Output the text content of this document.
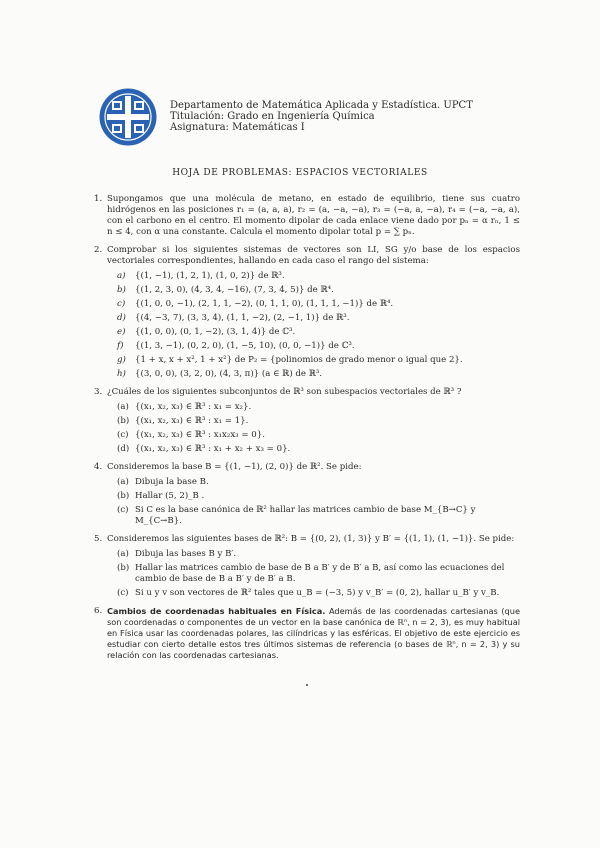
Departamento de Matemática Aplicada y Estadística. UPCT
Titulación: Grado en Ingeniería Química
Asignatura: Matemáticas I
HOJA DE PROBLEMAS: ESPACIOS VECTORIALES
1. Supongamos que una molécula de metano, en estado de equilibrio, tiene sus cuatro hidrógenos en las posiciones r₁ = (a, a, a), r₂ = (a, −a, −a), r₃ = (−a, a, −a), r₄ = (−a, −a, a), con el carbono en el centro. El momento dipolar de cada enlace viene dado por pₙ = α rₙ, 1 ≤ n ≤ 4, con α una constante. Calcula el momento dipolar total p = ∑ pₙ.
2. Comprobar si los siguientes sistemas de vectores son LI, SG y/o base de los espacios vectoriales correspondientes, hallando en cada caso el rango del sistema:
a) {(1, −1), (1, 2, 1), (1, 0, 2)} de ℝ³.
b) {(1, 2, 3, 0), (4, 3, 4, −16), (7, 3, 4, 5)} de ℝ⁴.
c) {(1, 0, 0, −1), (2, 1, 1, −2), (0, 1, 1, 0), (1, 1, 1, −1)} de ℝ⁴.
d) {(4, −3, 7), (3, 3, 4), (1, 1, −2), (2, −1, 1)} de ℝ³.
e) {(1, 0, 0), (0, 1, −2), (3, 1, 4)} de ℂ³.
f) {(1, 3, −1), (0, 2, 0), (1, −5, 10), (0, 0, −1)} de ℂ³.
g) {1 + x, x + x², 1 + x²} de P₂ = {polinomios de grado menor o igual que 2}.
h) {(3, 0, 0), (3, 2, 0), (4, 3, π)} (a ∈ ℝ) de ℝ³.
3. ¿Cuáles de los siguientes subconjuntos de ℝ³ son subespacios vectoriales de ℝ³ ?
(a) {(x₁, x₂, x₃) ∈ ℝ³ : x₁ = x₂}.
(b) {(x₁, x₂, x₃) ∈ ℝ³ : x₁ = 1}.
(c) {(x₁, x₂, x₃) ∈ ℝ³ : x₁x₂x₃ = 0}.
(d) {(x₁, x₂, x₃) ∈ ℝ³ : x₁ + x₂ + x₃ = 0}.
4. Consideremos la base B = {(1, −1), (2, 0)} de ℝ². Se pide:
(a) Dibuja la base B.
(b) Hallar (5, 2)_B .
(c) Si C es la base canónica de ℝ² hallar las matrices cambio de base M_{B→C} y M_{C→B}.
5. Consideremos las siguientes bases de ℝ²: B = {(0, 2), (1, 3)} y B′ = {(1, 1), (1, −1)}. Se pide:
(a) Dibuja las bases B y B′.
(b) Hallar las matrices cambio de base de B a B′ y de B′ a B, así como las ecuaciones del cambio de base de B a B′ y de B′ a B.
(c) Si u y v son vectores de ℝ² tales que u_B = (−3, 5) y v_B′ = (0, 2), hallar u_B′ y v_B.
6. Cambios de coordenadas habituales en Física. Además de las coordenadas cartesianas (que son coordenadas o componentes de un vector en la base canónica de ℝⁿ, n = 2, 3), es muy habitual en Física usar las coordenadas polares, las cilíndricas y las esféricas. El objetivo de este ejercicio es estudiar con cierto detalle estos tres últimos sistemas de referencia (o bases de ℝⁿ, n = 2, 3) y su relación con las coordenadas cartesianas.
